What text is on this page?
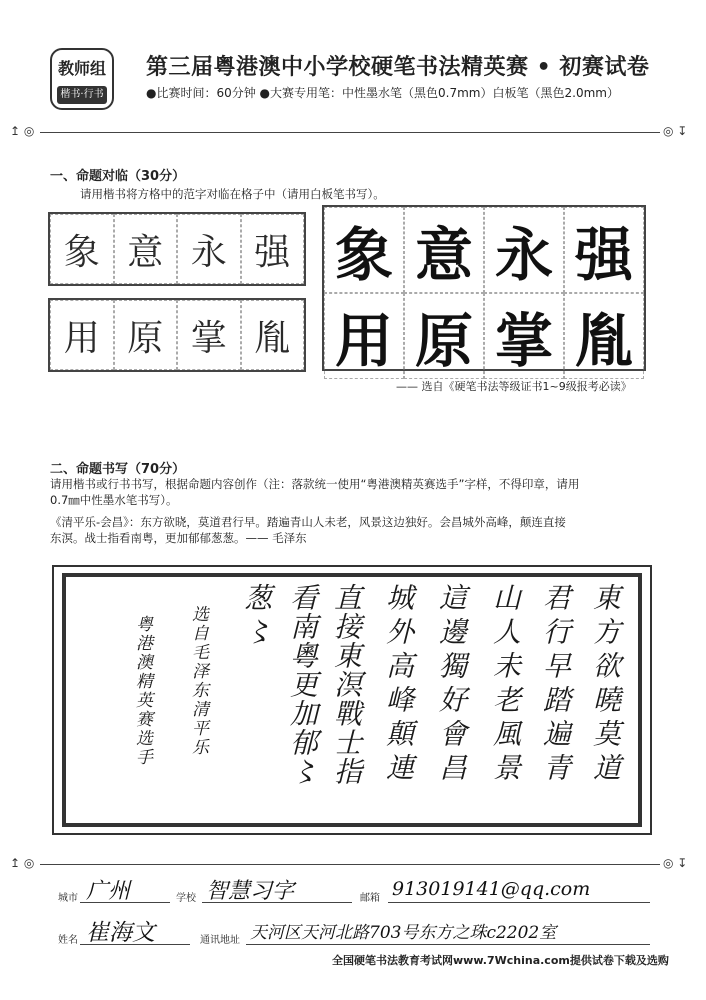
教师组
楷书·行书
第三届粤港澳中小学校硬笔书法精英赛 • 初赛试卷
●比赛时间：60分钟 ●大赛专用笔：中性墨水笔（黑色0.7mm）白板笔（黑色2.0mm）
↥ ◎	◎ ↧
一、命题对临（30分）
请用楷书将方格中的范字对临在格子中（请用白板笔书写）。
象 意 永 强
用 原 掌 胤
象 意 永 强
用 原 掌 胤
—— 选自《硬笔书法等级证书1~9级报考必读》
二、命题书写（70分）
请用楷书或行书书写，根据命题内容创作（注：落款统一使用“粤港澳精英赛选手”字样，不得印章，请用
0.7㎜中性墨水笔书写）。
《清平乐-会昌》：东方欲晓，莫道君行早。踏遍青山人未老，风景这边独好。会昌城外高峰，颠连直接
东溟。战士指看南粤，更加郁郁葱葱。—— 毛泽东
東方欲曉莫道
君行早踏遍青
山人未老風景
這邊獨好會昌
城外高峰顛連
直接東溟戰士指
看南粵更加郁〻
葱〻
选自毛泽东清平乐
粤港澳精英赛选手
↥ ◎	◎ ↧
城市 广州	学校 智慧习字	邮箱 913019141@qq.com
姓名 崔海文	通讯地址 天河区天河北路703号东方之珠c2202室
全国硬笔书法教育考试网www.7Wchina.com提供试卷下载及选购
